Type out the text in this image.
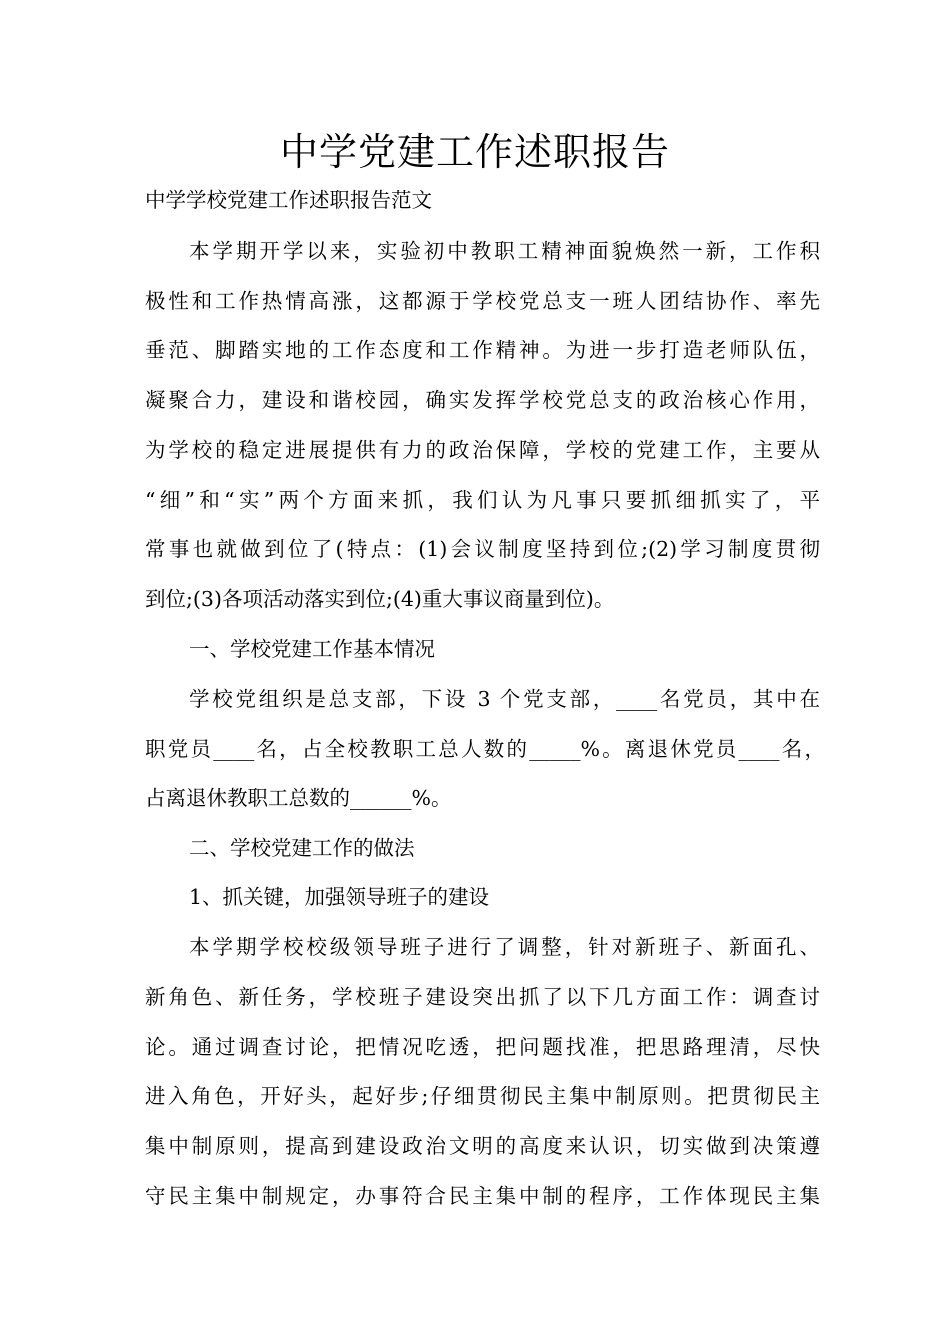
中学党建工作述职报告
中学学校党建工作述职报告范文
本学期开学以来，实验初中教职工精神面貌焕然一新，工作积
极性和工作热情高涨，这都源于学校党总支一班人团结协作、率先
垂范、脚踏实地的工作态度和工作精神。为进一步打造老师队伍，
凝聚合力，建设和谐校园，确实发挥学校党总支的政治核心作用，
为学校的稳定进展提供有力的政治保障，学校的党建工作，主要从
“细”和“实”两个方面来抓，我们认为凡事只要抓细抓实了，平
常事也就做到位了(特点：(1)会议制度坚持到位;(2)学习制度贯彻
到位;(3)各项活动落实到位;(4)重大事议商量到位)。
一、学校党建工作基本情况
学校党组织是总支部，下设 3 个党支部，____名党员，其中在
职党员____名，占全校教职工总人数的_____%。离退休党员____名，
占离退休教职工总数的______%。
二、学校党建工作的做法
1、抓关键，加强领导班子的建设
本学期学校校级领导班子进行了调整，针对新班子、新面孔、
新角色、新任务，学校班子建设突出抓了以下几方面工作：调查讨
论。通过调查讨论，把情况吃透，把问题找准，把思路理清，尽快
进入角色，开好头，起好步;仔细贯彻民主集中制原则。把贯彻民主
集中制原则，提高到建设政治文明的高度来认识，切实做到决策遵
守民主集中制规定，办事符合民主集中制的程序，工作体现民主集
